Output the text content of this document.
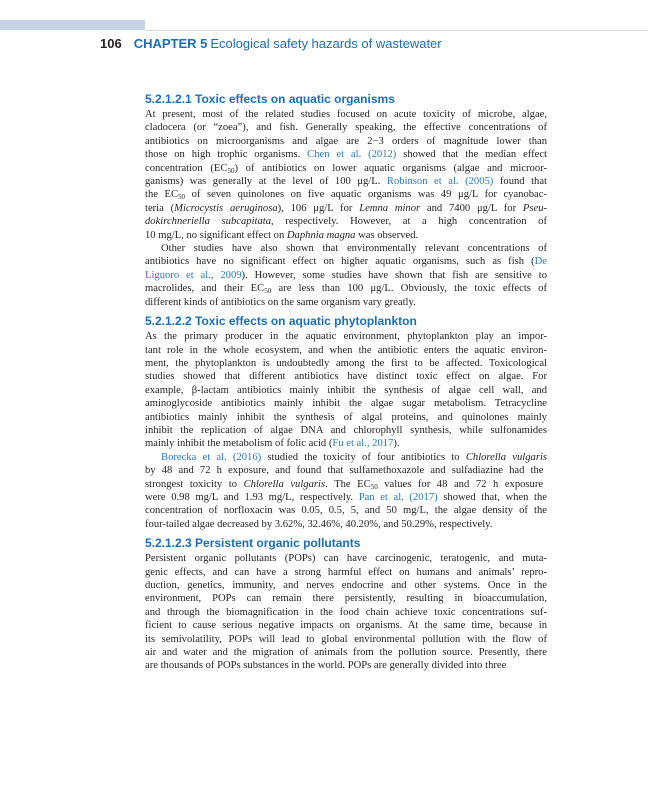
106 CHAPTER 5 Ecological safety hazards of wastewater
5.2.1.2.1 Toxic effects on aquatic organisms
At present, most of the related studies focused on acute toxicity of microbe, algae,
cladocera (or “zoea”), and fish. Generally speaking, the effective concentrations of
antibiotics on microorganisms and algae are 2−3 orders of magnitude lower than
those on high trophic organisms. Chen et al. (2012) showed that the median effect
concentration $(EC_{50})$ of antibiotics on lower aquatic organisms (algae and microor-
ganisms) was generally at the level of 100 μg/L. Robinson et al. (2005) found that
the $EC_{50}$ of seven quinolones on five aquatic organisms was 49 μg/L for cyanobac-
teria (Microcystis aeruginosa), 106 μg/L for Lemna minor and 7400 μg/L for Pseu-
dokirchneriella subcapitata, respectively. However, at a high concentration of
10 mg/L, no significant effect on Daphnia magna was observed.
Other studies have also shown that environmentally relevant concentrations of
antibiotics have no significant effect on higher aquatic organisms, such as fish (De
Liguoro et al., 2009). However, some studies have shown that fish are sensitive to
macrolides, and their $EC_{50}$ are less than 100 μg/L. Obviously, the toxic effects of
different kinds of antibiotics on the same organism vary greatly.
5.2.1.2.2 Toxic effects on aquatic phytoplankton
As the primary producer in the aquatic environment, phytoplankton play an impor-
tant role in the whole ecosystem, and when the antibiotic enters the aquatic environ-
ment, the phytoplankton is undoubtedly among the first to be affected. Toxicological
studies showed that different antibiotics have distinct toxic effect on algae. For
example, β-lactam antibiotics mainly inhibit the synthesis of algae cell wall, and
aminoglycoside antibiotics mainly inhibit the algae sugar metabolism. Tetracycline
antibiotics mainly inhibit the synthesis of algal proteins, and quinolones mainly
inhibit the replication of algae DNA and chlorophyll synthesis, while sulfonamides
mainly inhibit the metabolism of folic acid (Fu et al., 2017).
Borecka et al. (2016) studied the toxicity of four antibiotics to Chlorella vulgaris
by 48 and 72 h exposure, and found that sulfamethoxazole and sulfadiazine had the
strongest toxicity to Chlorella vulgaris. The $EC_{50}$ values for 48 and 72 h exposure
were 0.98 mg/L and 1.93 mg/L, respectively. Pan et al. (2017) showed that, when the
concentration of norfloxacin was 0.05, 0.5, 5, and 50 mg/L, the algae density of the
four-tailed algae decreased by 3.62%, 32.46%, 40.20%, and 50.29%, respectively.
5.2.1.2.3 Persistent organic pollutants
Persistent organic pollutants (POPs) can have carcinogenic, teratogenic, and muta-
genic effects, and can have a strong harmful effect on humans and animals’ repro-
duction, genetics, immunity, and nerves endocrine and other systems. Once in the
environment, POPs can remain there persistently, resulting in bioaccumulation,
and through the biomagnification in the food chain achieve toxic concentrations suf-
ficient to cause serious negative impacts on organisms. At the same time, because in
its semivolatility, POPs will lead to global environmental pollution with the flow of
air and water and the migration of animals from the pollution source. Presently, there
are thousands of POPs substances in the world. POPs are generally divided into three
